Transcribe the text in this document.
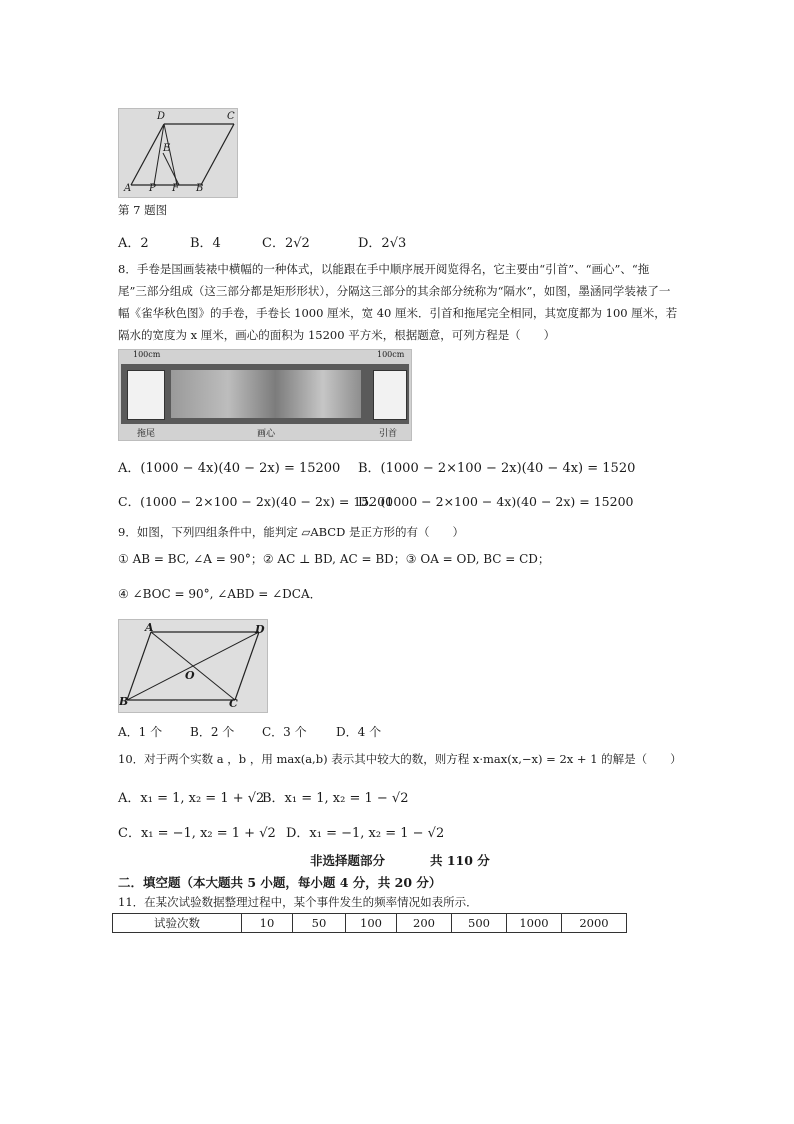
D	C
E
A P F B
第 7 题图
A．2	B．4	C．2√2	D．2√3
8．手卷是国画装裱中横幅的一种体式，以能跟在手中顺序展开阅览得名，它主要由“引首”、“画心”、“拖尾”三部分组成（这三部分都是矩形形状），分隔这三部分的其余部分统称为“隔水”，如图，墨涵同学装裱了一幅《雀华秋色图》的手卷，手卷长 1000 厘米，宽 40 厘米．引首和拖尾完全相同，其宽度都为 100 厘米，若隔水的宽度为 x 厘米，画心的面积为 15200 平方米，根据题意，可列方程是（　　）
100cm	100cm
拖尾	画心	引首
A．(1000 − 4x)(40 − 2x) = 15200 B．(1000 − 2×100 − 2x)(40 − 4x) = 1520
C．(1000 − 2×100 − 2x)(40 − 2x) = 15200
D．(1000 − 2×100 − 4x)(40 − 2x) = 15200
9．如图，下列四组条件中，能判定 ▱ABCD 是正方形的有（　　）
① AB = BC, ∠A = 90°；② AC ⊥ BD, AC = BD；③ OA = OD, BC = CD；
④ ∠BOC = 90°, ∠ABD = ∠DCA．
A	D
O
B	C
A．1 个 B．2 个 C．3 个 D．4 个
10．对于两个实数 a ，b ，用 max(a,b) 表示其中较大的数，则方程 x·max(x,−x) = 2x + 1 的解是（　　）
A．x₁ = 1, x₂ = 1 + √2
B．x₁ = 1, x₂ = 1 − √2
C．x₁ = −1, x₂ = 1 + √2 D．x₁ = −1, x₂ = 1 − √2
非选择题部分	共 110 分
二．填空题（本大题共 5 小题，每小题 4 分，共 20 分）
11．在某次试验数据整理过程中，某个事件发生的频率情况如表所示．
试验次数	10	50	100	200	500	1000	2000
